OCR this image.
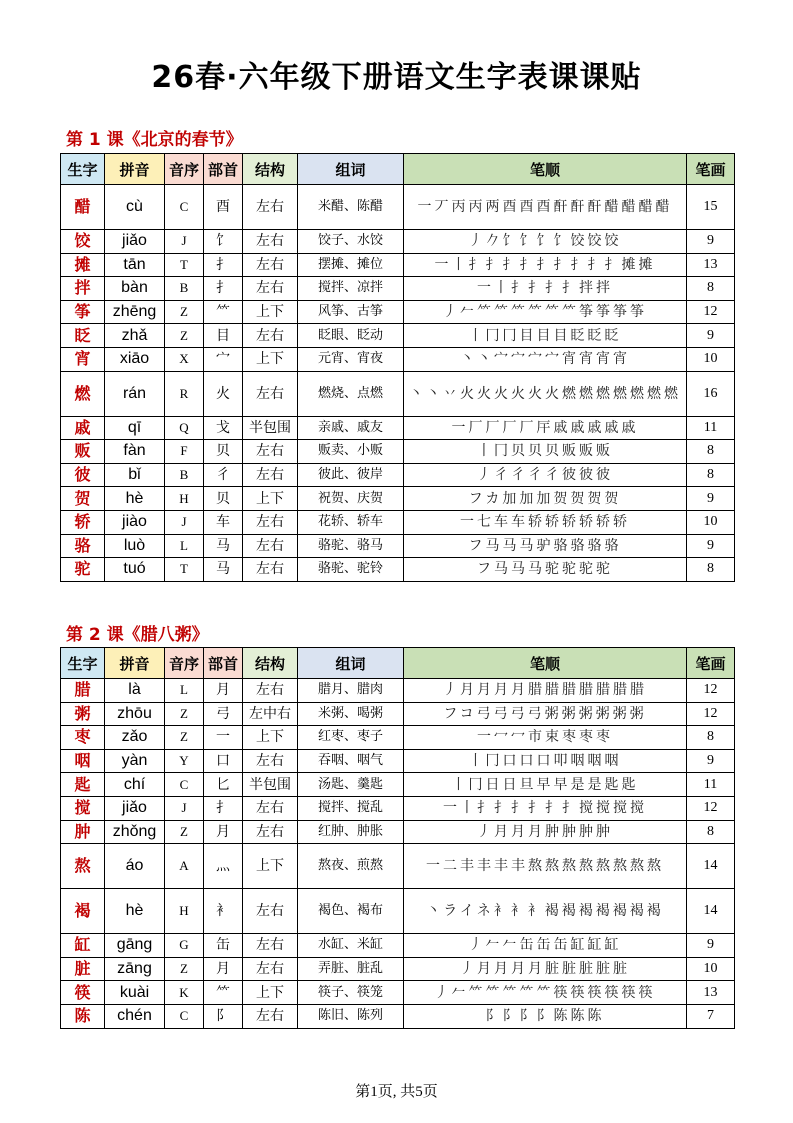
26春·六年级下册语文生字表课课贴
第 1 课《北京的春节》
生字	拼音	音序	部首	结构	组词	笔顺	笔画
醋	cù	C	酉	左右	米醋、陈醋	一丆丙丙两酉酉酉酐酐酐醋醋醋醋	15
饺	jiǎo	J	饣	左右	饺子、水饺	丿𠂊饣饣饣饣饺饺饺	9
摊	tān	T	扌	左右	摆摊、摊位	一丨扌扌扌扌扌扌扌扌扌摊摊	13
拌	bàn	B	扌	左右	搅拌、凉拌	一丨扌扌扌扌拌拌	8
筝	zhēng	Z	⺮	上下	风筝、古筝	丿𠂉⺮⺮⺮⺮⺮⺮筝筝筝筝	12
眨	zhǎ	Z	目	左右	眨眼、眨动	丨冂冂目目目眨眨眨	9
宵	xiāo	X	宀	上下	元宵、宵夜	丶丶宀宀宀宀宵宵宵宵	10
燃	rán	R	火	左右	燃烧、点燃	丶丶丷火火火火火火燃燃燃燃燃燃燃	16
戚	qī	Q	戈	半包围	亲戚、戚友	一厂厂厂厂厈戚戚戚戚戚	11
贩	fàn	F	贝	左右	贩卖、小贩	丨冂贝贝贝贩贩贩	8
彼	bǐ	B	彳	左右	彼此、彼岸	丿彳彳彳彳彼彼彼	8
贺	hè	H	贝	上下	祝贺、庆贺	フカ加加加贺贺贺贺	9
轿	jiào	J	车	左右	花轿、轿车	一七车车轿轿轿轿轿轿	10
骆	luò	L	马	左右	骆驼、骆马	フ马马马驴骆骆骆骆	9
驼	tuó	T	马	左右	骆驼、驼铃	フ马马马驼驼驼驼	8
第 2 课《腊八粥》
生字	拼音	音序	部首	结构	组词	笔顺	笔画
腊	là	L	月	左右	腊月、腊肉	丿月月月月腊腊腊腊腊腊腊	12
粥	zhōu	Z	弓	左中右	米粥、喝粥	フコ弓弓弓弓粥粥粥粥粥粥	12
枣	zǎo	Z	一	上下	红枣、枣子	一冖冖市束枣枣枣	8
咽	yàn	Y	口	左右	吞咽、咽气	丨冂口口口叩咽咽咽	9
匙	chí	C	匕	半包围	汤匙、羹匙	丨冂日日旦早早是是匙匙	11
搅	jiǎo	J	扌	左右	搅拌、搅乱	一丨扌扌扌扌扌扌搅搅搅搅	12
肿	zhǒng	Z	月	左右	红肿、肿胀	丿月月月肿肿肿肿	8
熬	áo	A	灬	上下	熬夜、煎熬	一二丰丰丰丰熬熬熬熬熬熬熬熬	14
褐	hè	H	衤	左右	褐色、褐布	丶ライネ衤衤衤褐褐褐褐褐褐褐	14
缸	gāng	G	缶	左右	水缸、米缸	丿𠂉𠂉缶缶缶缸缸缸	9
脏	zāng	Z	月	左右	弄脏、脏乱	丿月月月月脏脏脏脏脏	10
筷	kuài	K	⺮	上下	筷子、筷笼	丿𠂉⺮⺮⺮⺮⺮筷筷筷筷筷筷	13
陈	chén	C	阝	左右	陈旧、陈列	阝阝阝阝陈陈陈	7
第1页, 共5页
